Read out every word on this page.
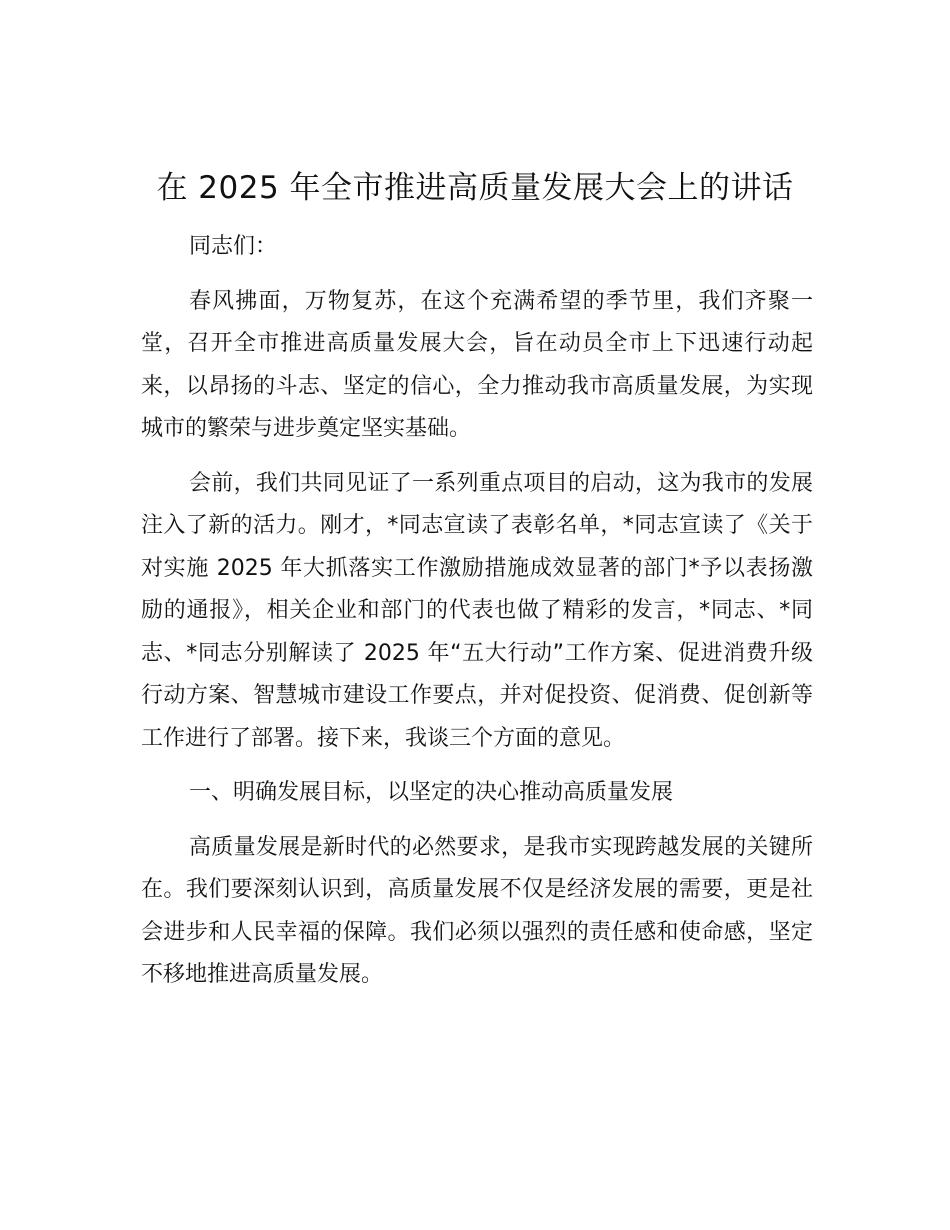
在 2025 年全市推进高质量发展大会上的讲话

同志们：

春风拂面，万物复苏，在这个充满希望的季节里，我们齐聚一堂，召开全市推进高质量发展大会，旨在动员全市上下迅速行动起来，以昂扬的斗志、坚定的信心，全力推动我市高质量发展，为实现城市的繁荣与进步奠定坚实基础。

会前，我们共同见证了一系列重点项目的启动，这为我市的发展注入了新的活力。刚才，*同志宣读了表彰名单，*同志宣读了《关于对实施 2025 年大抓落实工作激励措施成效显著的部门*予以表扬激励的通报》，相关企业和部门的代表也做了精彩的发言，*同志、*同志、*同志分别解读了 2025 年“五大行动”工作方案、促进消费升级行动方案、智慧城市建设工作要点，并对促投资、促消费、促创新等工作进行了部署。接下来，我谈三个方面的意见。

一、明确发展目标，以坚定的决心推动高质量发展

高质量发展是新时代的必然要求，是我市实现跨越发展的关键所在。我们要深刻认识到，高质量发展不仅是经济发展的需要，更是社会进步和人民幸福的保障。我们必须以强烈的责任感和使命感，坚定不移地推进高质量发展。
